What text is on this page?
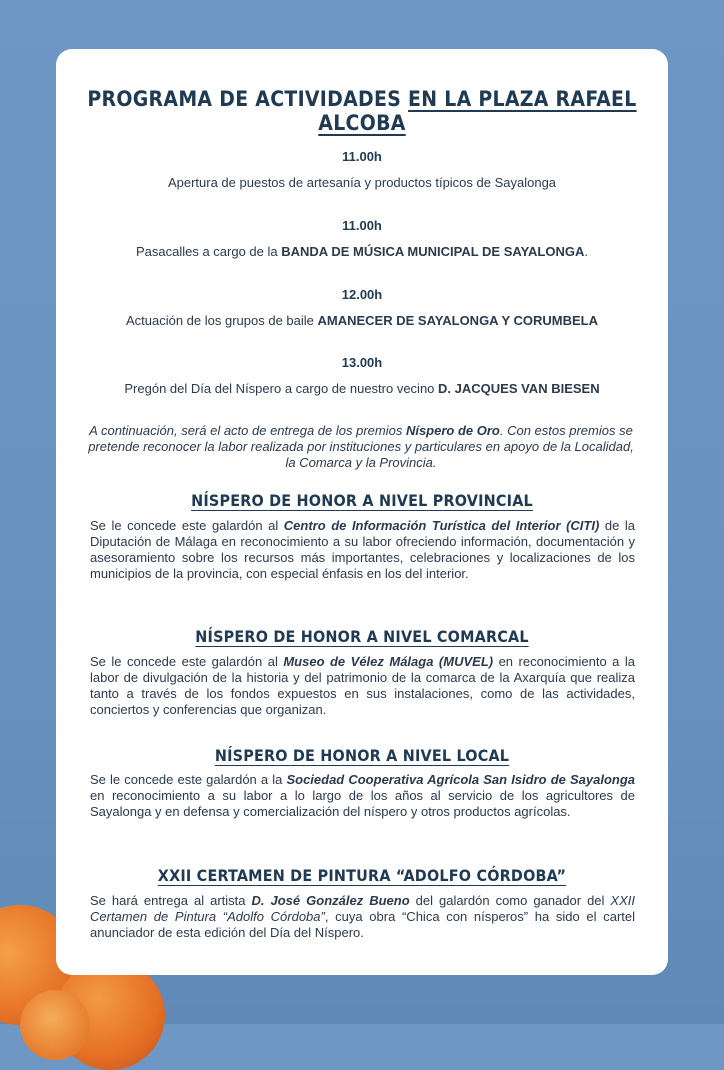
PROGRAMA DE ACTIVIDADES EN LA PLAZA RAFAEL ALCOBA
11.00h
Apertura de puestos de artesanía y productos típicos de Sayalonga
11.00h
Pasacalles a cargo de la BANDA DE MÚSICA MUNICIPAL DE SAYALONGA.
12.00h
Actuación de los grupos de baile AMANECER DE SAYALONGA Y CORUMBELA
13.00h
Pregón del Día del Níspero a cargo de nuestro vecino D. JACQUES VAN BIESEN
A continuación, será el acto de entrega de los premios Níspero de Oro. Con estos premios se pretende reconocer la labor realizada por instituciones y particulares en apoyo de la Localidad, la Comarca y la Provincia.
NÍSPERO DE HONOR A NIVEL PROVINCIAL
Se le concede este galardón al Centro de Información Turística del Interior (CITI) de la Diputación de Málaga en reconocimiento a su labor ofreciendo información, documentación y asesoramiento sobre los recursos más importantes, celebraciones y localizaciones de los municipios de la provincia, con especial énfasis en los del interior.
NÍSPERO DE HONOR A NIVEL COMARCAL
Se le concede este galardón al Museo de Vélez Málaga (MUVEL) en reconocimiento a la labor de divulgación de la historia y del patrimonio de la comarca de la Axarquía que realiza tanto a través de los fondos expuestos en sus instalaciones, como de las actividades, conciertos y conferencias que organizan.
NÍSPERO DE HONOR A NIVEL LOCAL
Se le concede este galardón a la Sociedad Cooperativa Agrícola San Isidro de Sayalonga en reconocimiento a su labor a lo largo de los años al servicio de los agricultores de Sayalonga y en defensa y comercialización del níspero y otros productos agrícolas.
XXII CERTAMEN DE PINTURA “ADOLFO CÓRDOBA”
Se hará entrega al artista D. José González Bueno del galardón como ganador del XXII Certamen de Pintura “Adolfo Córdoba”, cuya obra “Chica con nísperos” ha sido el cartel anunciador de esta edición del Día del Níspero.
